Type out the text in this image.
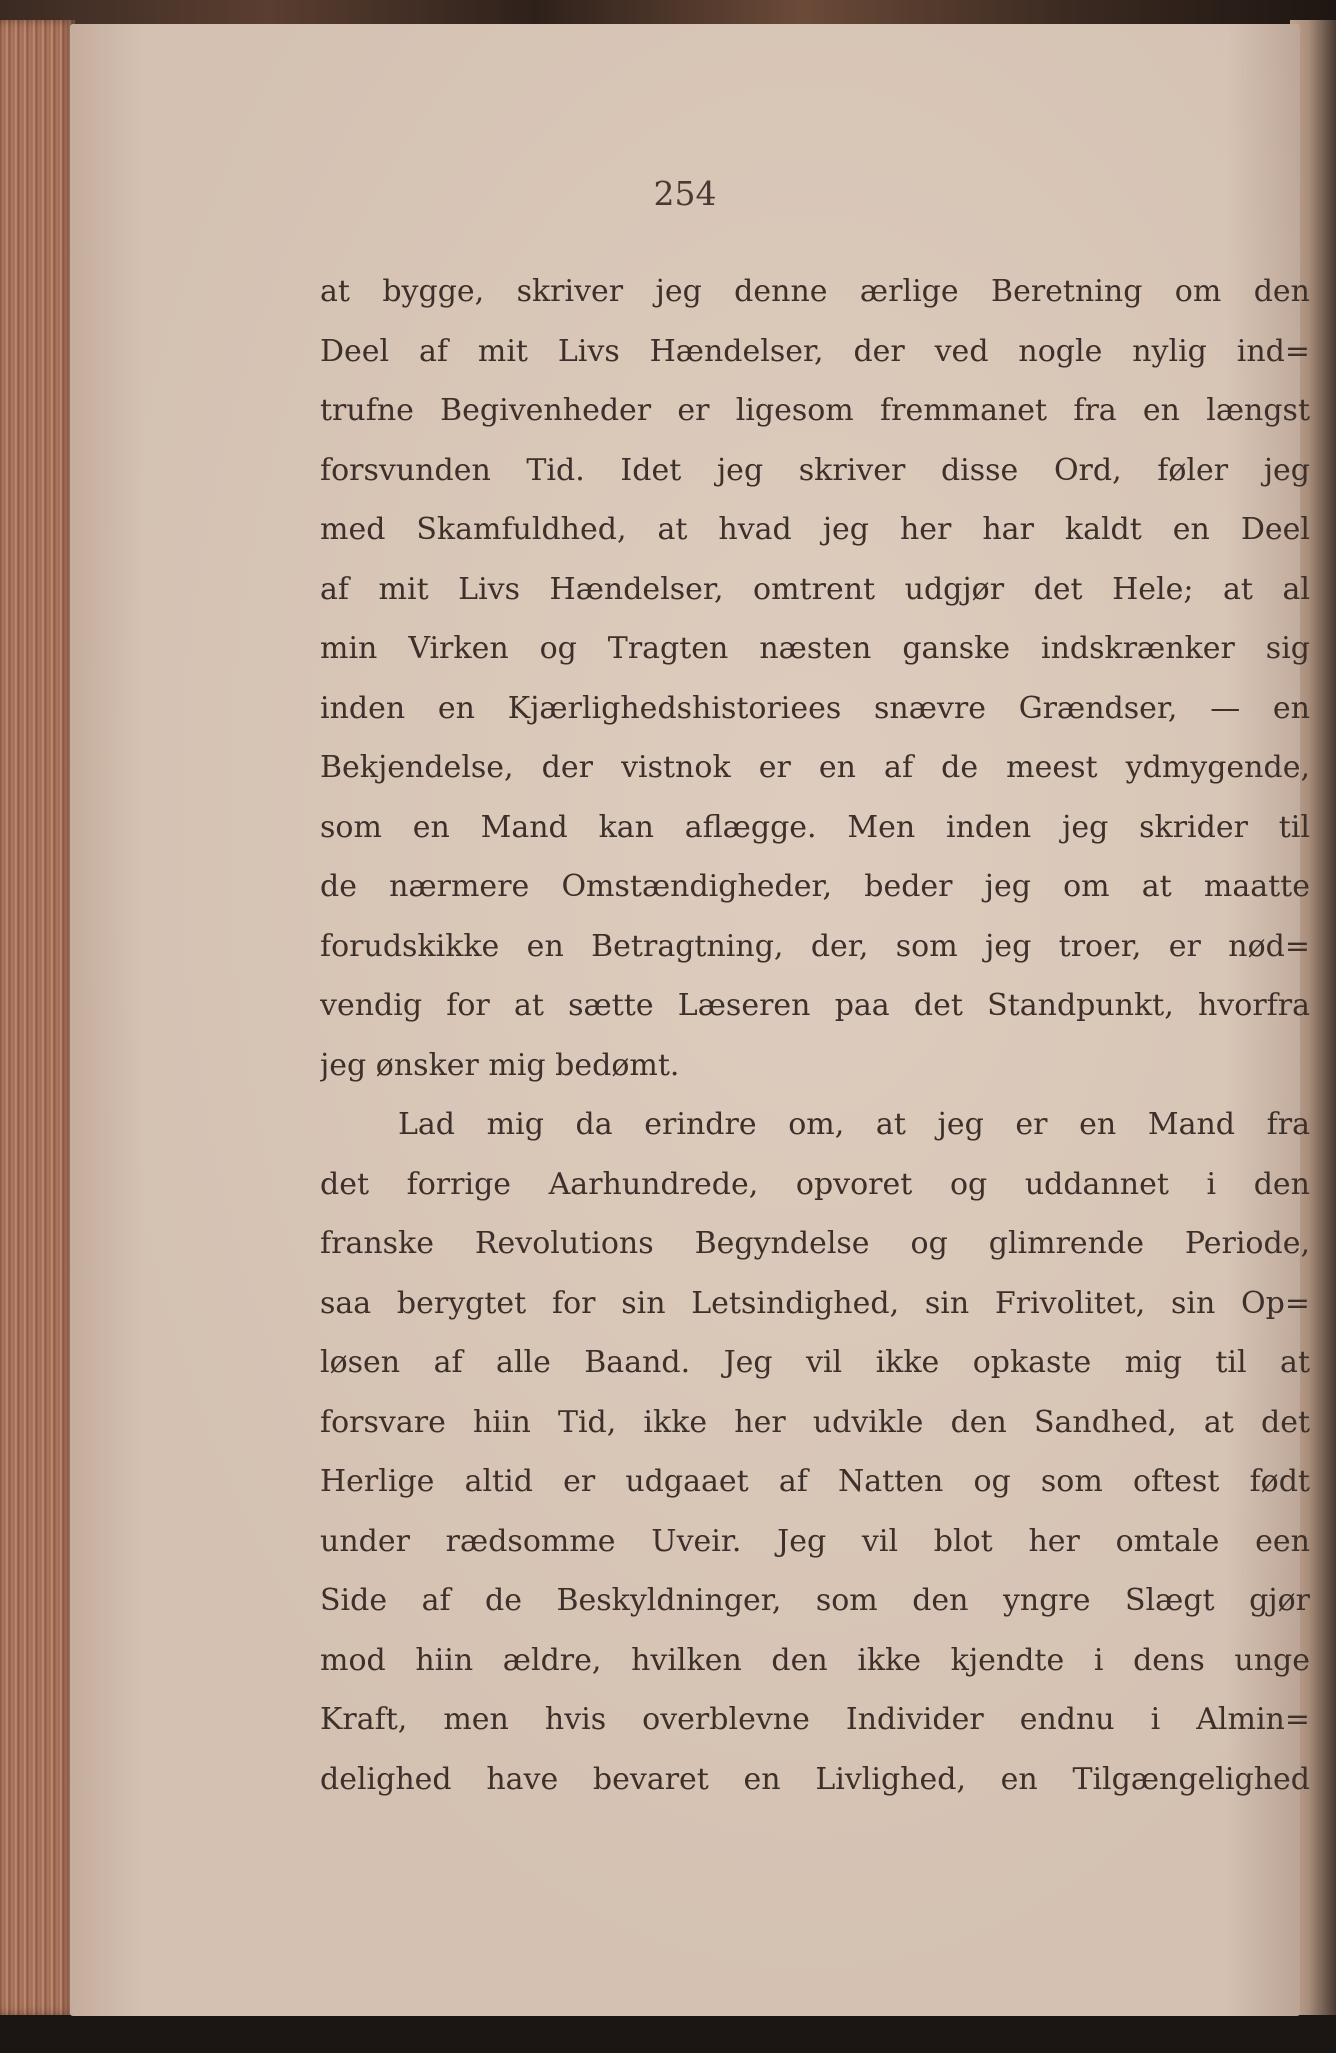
254

at bygge, skriver jeg denne ærlige Beretning om den
Deel af mit Livs Hændelser, der ved nogle nylig ind=
trufne Begivenheder er ligesom fremmanet fra en længst
forsvunden Tid. Idet jeg skriver disse Ord, føler jeg
med Skamfuldhed, at hvad jeg her har kaldt en Deel
af mit Livs Hændelser, omtrent udgjør det Hele; at al
min Virken og Tragten næsten ganske indskrænker sig
inden en Kjærlighedshistoriees snævre Grændser, — en
Bekjendelse, der vistnok er en af de meest ydmygende,
som en Mand kan aflægge. Men inden jeg skrider til
de nærmere Omstændigheder, beder jeg om at maatte
forudskikke en Betragtning, der, som jeg troer, er nød=
vendig for at sætte Læseren paa det Standpunkt, hvorfra
jeg ønsker mig bedømt.
Lad mig da erindre om, at jeg er en Mand fra
det forrige Aarhundrede, opvoret og uddannet i den
franske Revolutions Begyndelse og glimrende Periode,
saa berygtet for sin Letsindighed, sin Frivolitet, sin Op=
løsen af alle Baand. Jeg vil ikke opkaste mig til at
forsvare hiin Tid, ikke her udvikle den Sandhed, at det
Herlige altid er udgaaet af Natten og som oftest født
under rædsomme Uveir. Jeg vil blot her omtale een
Side af de Beskyldninger, som den yngre Slægt gjør
mod hiin ældre, hvilken den ikke kjendte i dens unge
Kraft, men hvis overblevne Individer endnu i Almin=
delighed have bevaret en Livlighed, en Tilgængelighed
